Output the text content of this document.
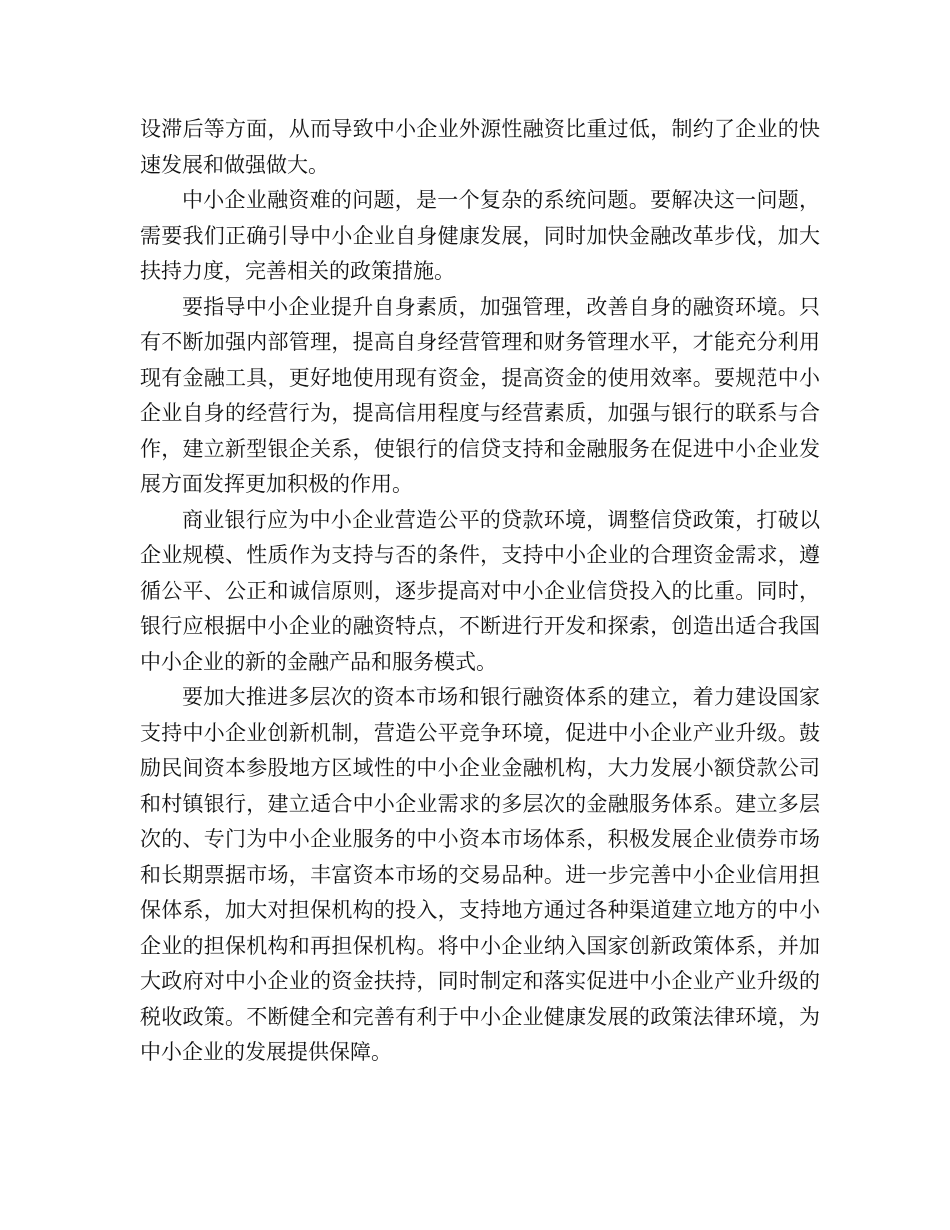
设滞后等方面，从而导致中小企业外源性融资比重过低，制约了企业的快速发展和做强做大。

中小企业融资难的问题，是一个复杂的系统问题。要解决这一问题，需要我们正确引导中小企业自身健康发展，同时加快金融改革步伐，加大扶持力度，完善相关的政策措施。

要指导中小企业提升自身素质，加强管理，改善自身的融资环境。只有不断加强内部管理，提高自身经营管理和财务管理水平，才能充分利用现有金融工具，更好地使用现有资金，提高资金的使用效率。要规范中小企业自身的经营行为，提高信用程度与经营素质，加强与银行的联系与合作，建立新型银企关系，使银行的信贷支持和金融服务在促进中小企业发展方面发挥更加积极的作用。

商业银行应为中小企业营造公平的贷款环境，调整信贷政策，打破以企业规模、性质作为支持与否的条件，支持中小企业的合理资金需求，遵循公平、公正和诚信原则，逐步提高对中小企业信贷投入的比重。同时，银行应根据中小企业的融资特点，不断进行开发和探索，创造出适合我国中小企业的新的金融产品和服务模式。

要加大推进多层次的资本市场和银行融资体系的建立，着力建设国家支持中小企业创新机制，营造公平竞争环境，促进中小企业产业升级。鼓励民间资本参股地方区域性的中小企业金融机构，大力发展小额贷款公司和村镇银行，建立适合中小企业需求的多层次的金融服务体系。建立多层次的、专门为中小企业服务的中小资本市场体系，积极发展企业债券市场和长期票据市场，丰富资本市场的交易品种。进一步完善中小企业信用担保体系，加大对担保机构的投入，支持地方通过各种渠道建立地方的中小企业的担保机构和再担保机构。将中小企业纳入国家创新政策体系，并加大政府对中小企业的资金扶持，同时制定和落实促进中小企业产业升级的税收政策。不断健全和完善有利于中小企业健康发展的政策法律环境，为中小企业的发展提供保障。
